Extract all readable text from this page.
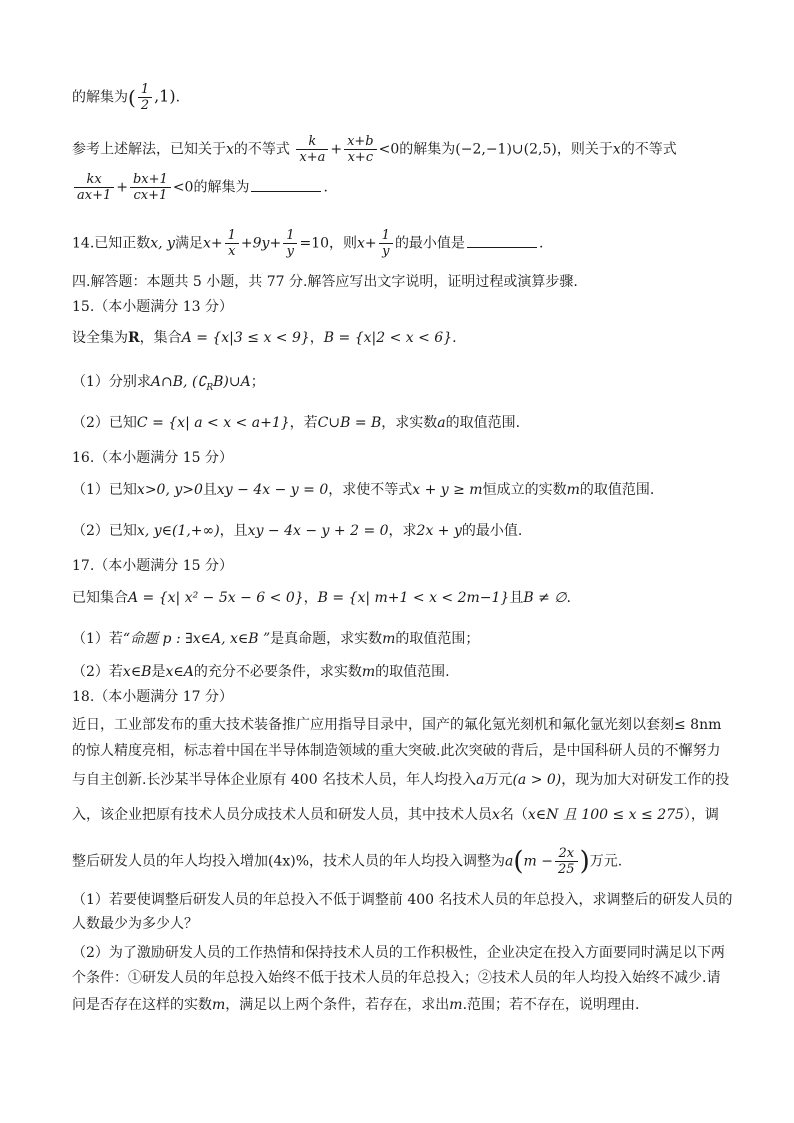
的解集为( $\frac{1}{2} ,1$).
参考上述解法，已知关于x的不等式 $\frac{k}{x+a} + \frac{x+b}{x+c} <0$的解集为(−2,−1)∪(2,5)，则关于x的不等式
$\frac{kx}{ax+1} + \frac{bx+1}{cx+1} <0$的解集为	.
14.已知正数x, y满足$x+ \frac{1}{x} +9y+ \frac{1}{y} =10$，则$x+ \frac{1}{y}$ 的最小值是	.
四.解答题：本题共 5 小题，共 77 分.解答应写出文字说明，证明过程或演算步骤.
15.（本小题满分 13 分）
设全集为R，集合A = {x|3 ≤ x < 9}，B = {x|2 < x < 6}.
（1）分别求A∩B, $(∁_RB)\cup A$；
（2）已知C = {x| a < x < a+1}，若C∪B = B，求实数a的取值范围.
16.（本小题满分 15 分）
（1）已知x>0, y>0且xy − 4x − y = 0，求使不等式x + y ≥ m恒成立的实数m的取值范围.
（2）已知x, y∈(1,+∞)，且xy − 4x − y + 2 = 0，求2x + y的最小值.
17.（本小题满分 15 分）
已知集合A = {x| x² − 5x − 6 < 0}，B = {x| m+1 < x < 2m−1}且B ≠ ∅.
（1）若“命题 p : ∃x∈A, x∈B ”是真命题，求实数m的取值范围；
（2）若x∈B是x∈A的充分不必要条件，求实数m的取值范围.
18.（本小题满分 17 分）
近日，工业部发布的重大技术装备推广应用指导目录中，国产的氟化氪光刻机和氟化氩光刻以套刻≤ 8nm
的惊人精度亮相，标志着中国在半导体制造领域的重大突破.此次突破的背后，是中国科研人员的不懈努力
与自主创新.长沙某半导体企业原有 400 名技术人员，年人均投入a万元(a > 0)，现为加大对研发工作的投
入，该企业把原有技术人员分成技术人员和研发人员，其中技术人员x名（x∈N 且 100 ≤ x ≤ 275），调
整后研发人员的年人均投入增加(4x)%，技术人员的年人均投入调整为$a(m - \frac{2x}{25}$ )万元.
（1）若要使调整后研发人员的年总投入不低于调整前 400 名技术人员的年总投入，求调整后的研发人员的
人数最少为多少人？
（2）为了激励研发人员的工作热情和保持技术人员的工作积极性，企业决定在投入方面要同时满足以下两
个条件：①研发人员的年总投入始终不低于技术人员的年总投入；②技术人员的年人均投入始终不减少.请
问是否存在这样的实数m，满足以上两个条件，若存在，求出m.范围；若不存在，说明理由.
